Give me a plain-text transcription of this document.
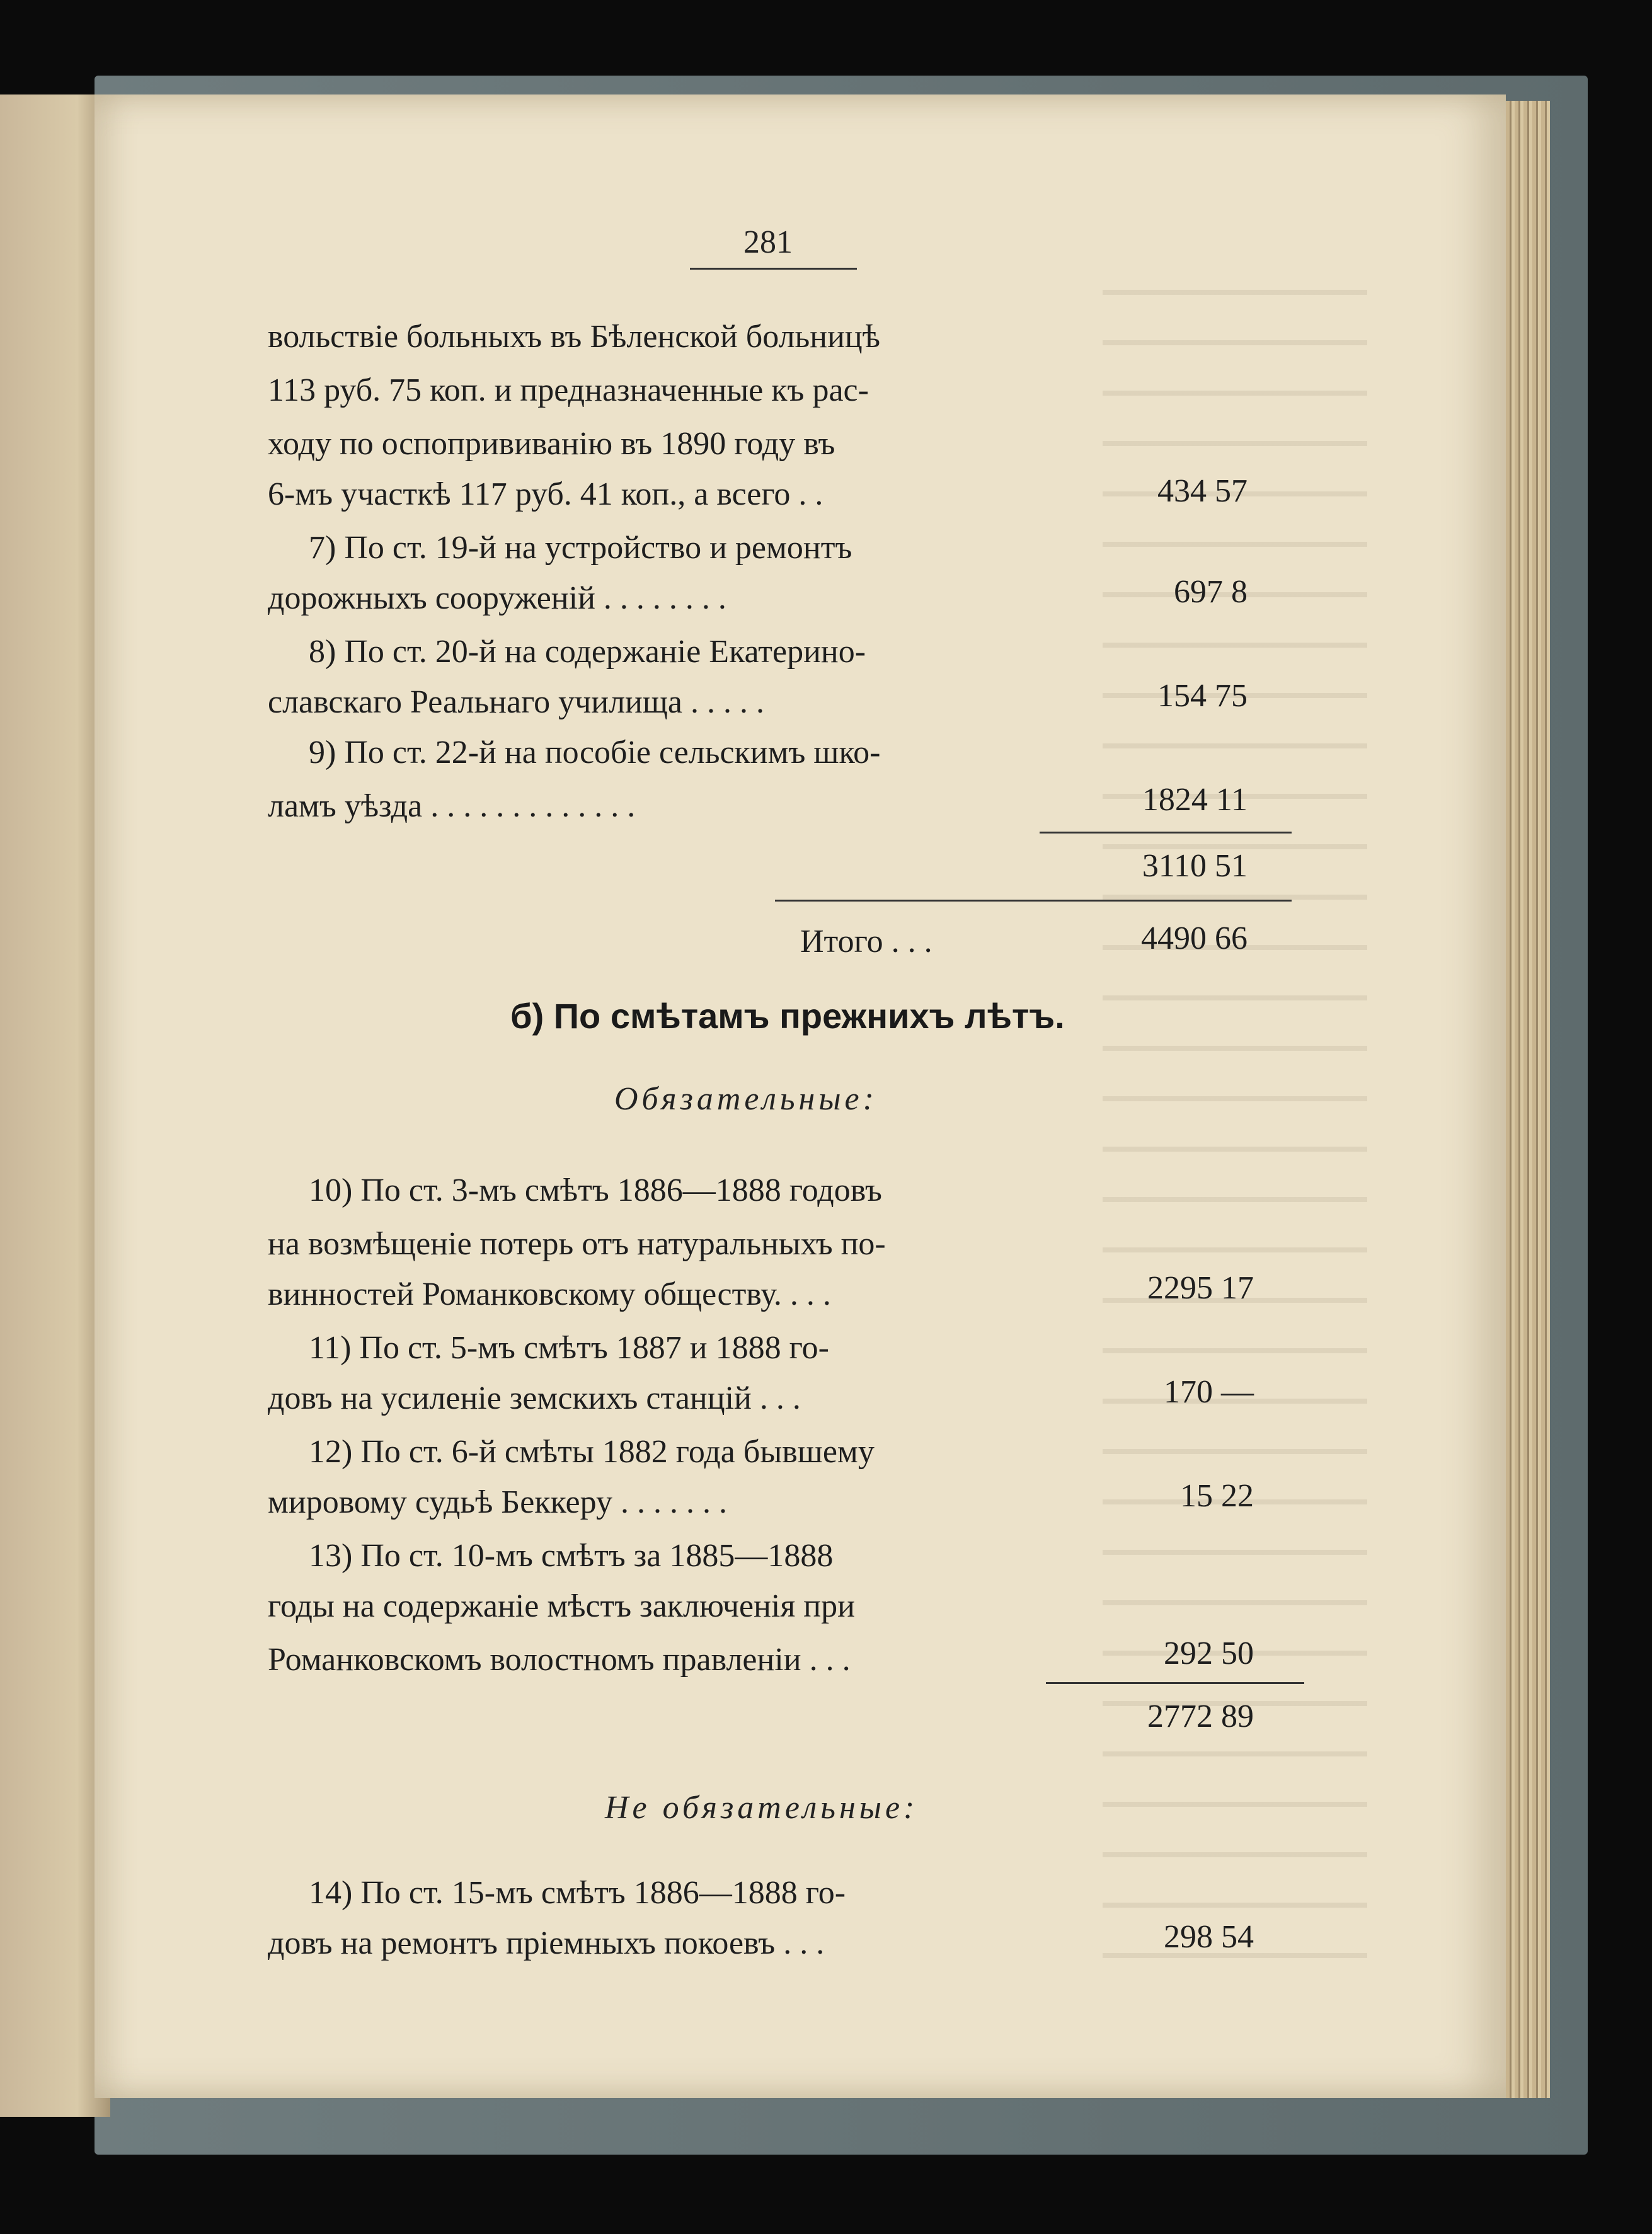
281
вольствіе больныхъ въ Бѣленской больницѣ
113 руб. 75 коп. и предназначенные къ рас-
ходу по оспопрививанію въ 1890 году въ
6-мъ участкѣ 117 руб. 41 коп., а всего . .	434 57
7) По ст. 19-й на устройство и ремонтъ
дорожныхъ сооруженій . . . . . . . .	697 8
8) По ст. 20-й на содержаніе Екатерино-
славскаго Реальнаго училища . . . . .	154 75
9) По ст. 22-й на пособіе сельскимъ шко-
ламъ уѣзда . . . . . . . . . . . . .	1824 11
3110 51
Итого . . .	4490 66
б) По смѣтамъ прежнихъ лѣтъ.
Обязательные:
10) По ст. 3-мъ смѣтъ 1886—1888 годовъ
на возмѣщеніе потерь отъ натуральныхъ по-
винностей Романковскому обществу. . . .	2295 17
11) По ст. 5-мъ смѣтъ 1887 и 1888 го-
довъ на усиленіе земскихъ станцій . . .	170 —
12) По ст. 6-й смѣты 1882 года бывшему
мировому судьѣ Беккеру . . . . . . .	15 22
13) По ст. 10-мъ смѣтъ за 1885—1888
годы на содержаніе мѣстъ заключенія при
Романковскомъ волостномъ правленіи . . .	292 50
2772 89
Не обязательные:
14) По ст. 15-мъ смѣтъ 1886—1888 го-
довъ на ремонтъ пріемныхъ покоевъ . . .	298 54
